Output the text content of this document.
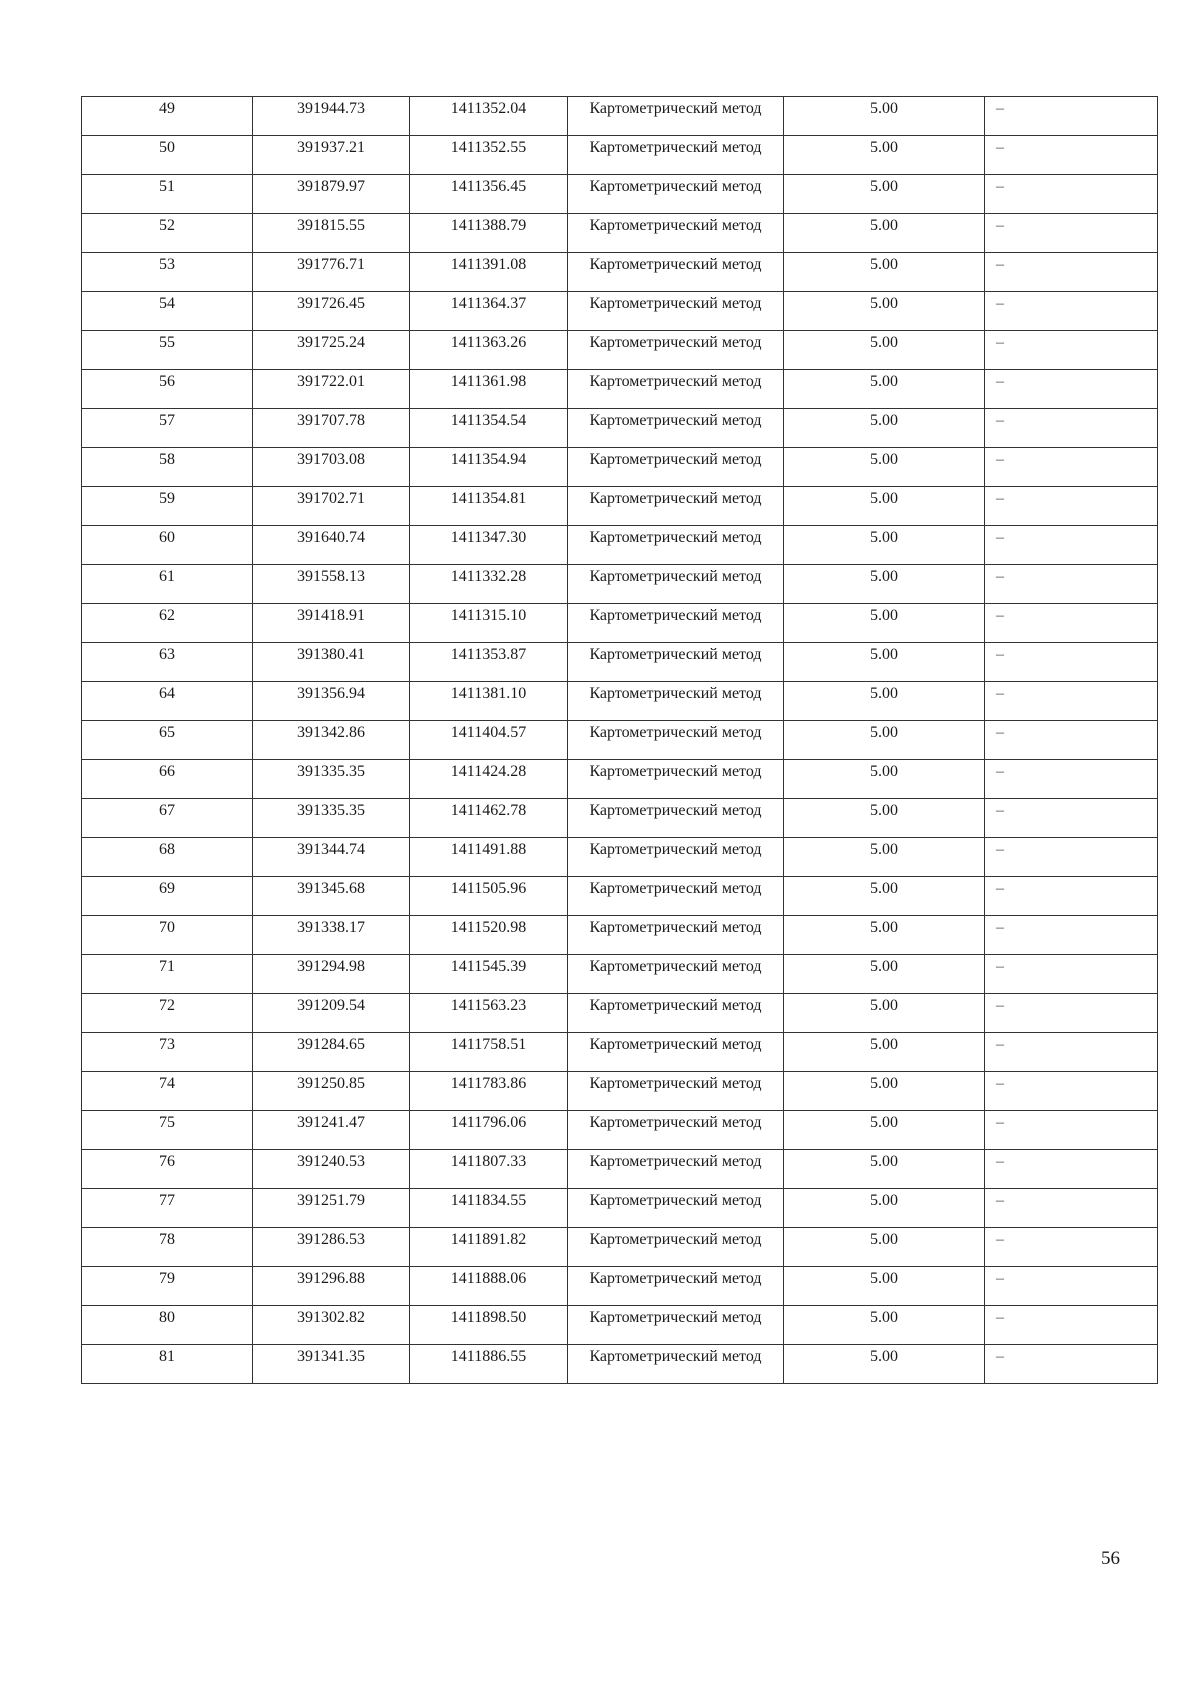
49	391944.73	1411352.04	Картометрический метод	5.00	–
50	391937.21	1411352.55	Картометрический метод	5.00	–
51	391879.97	1411356.45	Картометрический метод	5.00	–
52	391815.55	1411388.79	Картометрический метод	5.00	–
53	391776.71	1411391.08	Картометрический метод	5.00	–
54	391726.45	1411364.37	Картометрический метод	5.00	–
55	391725.24	1411363.26	Картометрический метод	5.00	–
56	391722.01	1411361.98	Картометрический метод	5.00	–
57	391707.78	1411354.54	Картометрический метод	5.00	–
58	391703.08	1411354.94	Картометрический метод	5.00	–
59	391702.71	1411354.81	Картометрический метод	5.00	–
60	391640.74	1411347.30	Картометрический метод	5.00	–
61	391558.13	1411332.28	Картометрический метод	5.00	–
62	391418.91	1411315.10	Картометрический метод	5.00	–
63	391380.41	1411353.87	Картометрический метод	5.00	–
64	391356.94	1411381.10	Картометрический метод	5.00	–
65	391342.86	1411404.57	Картометрический метод	5.00	–
66	391335.35	1411424.28	Картометрический метод	5.00	–
67	391335.35	1411462.78	Картометрический метод	5.00	–
68	391344.74	1411491.88	Картометрический метод	5.00	–
69	391345.68	1411505.96	Картометрический метод	5.00	–
70	391338.17	1411520.98	Картометрический метод	5.00	–
71	391294.98	1411545.39	Картометрический метод	5.00	–
72	391209.54	1411563.23	Картометрический метод	5.00	–
73	391284.65	1411758.51	Картометрический метод	5.00	–
74	391250.85	1411783.86	Картометрический метод	5.00	–
75	391241.47	1411796.06	Картометрический метод	5.00	–
76	391240.53	1411807.33	Картометрический метод	5.00	–
77	391251.79	1411834.55	Картометрический метод	5.00	–
78	391286.53	1411891.82	Картометрический метод	5.00	–
79	391296.88	1411888.06	Картометрический метод	5.00	–
80	391302.82	1411898.50	Картометрический метод	5.00	–
81	391341.35	1411886.55	Картометрический метод	5.00	–
56
